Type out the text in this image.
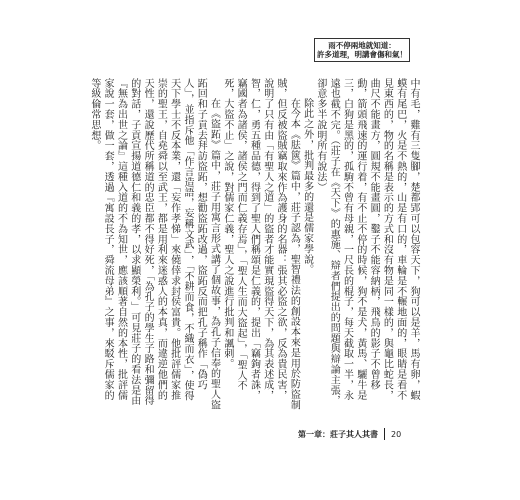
雨不停兩地就知道：
許多道理，明講會傷和氣！

中有毛，雞有三隻腳，楚都郢可以包容天下，狗可以是羊，馬有卵，蝦蟆有尾巴，火是不熱的，山是有口的，車輪是不輾地面的，眼睛是看不見東西的，物的名稱是表示的方式和沒有物是同一樣的，與龜比蛇長，曲尺不能畫方，圓規不能畫圓，鑿子不能容納柄，飛鳥的影子不曾移動，箭頭飛速的運行着，有不止不停的時候，狗不是犬，黃馬、驪牛是三，白狗是黑的，孤駒不曾有母親，一尺長的棍子，每天截取一半，永遠也截不完。（莊子在《天下》的惠施、辯者們提出的問題與辯論主張，卻意多半說明所有說法）

除此之外，批判最多的還是儒家學說。

在今本《胠篋》篇中，莊子認為，聖智禮法的創設本來是用於防盜制賊，但反被盜賊竊取來作為護身的名器：張其必盜之欲，反為貴民害，說明了只有由「有聖人之道」的盜者才能實現盜得天下，為其表述成，智，仁，勇五種品德，得到了聖人們稱頌是仁義的，提出「竊鉤者誅，竊國者為諸侯，諸侯之門而仁義存焉」，「聖人生而大盜起」，「聖人不死，大盜不止」之說，對儒家仁義，聖人之說進行批判和諷刺。

在《盜跖》篇中，莊子用寓言形式講了個故事，為孔子信奉的聖人盜跖回和子貢去拜訪盜跖，想勸盜跖改過，盜跖反而把孔子稱作「偽巧人」，並指斥他「作言造語，妄稱文武」，「不耕而食，不織而衣」，使得天下學士不反本業，還「妄作孝悌」來僥倖求封侯富貴。他批評儒家推崇的聖王，自堯舜以至武王，都是用利來迷惑人的本真，而違逆他們的天性，還說歷代所稱道的忠臣都不得好死，「為孔子的學生子路和彌留得的對話，子貢宣揚道德仁和義的孝，以求顯榮利。」可見莊子的看法是由『無為出世之論』這種入道的不為知世，應該順著自然的本性，批評儒家說一套，做一套，透過『寓設長子，舜流母弟』之事，來駁斥儒家的等級倫常思想。

第一章：莊子其人其書	20
